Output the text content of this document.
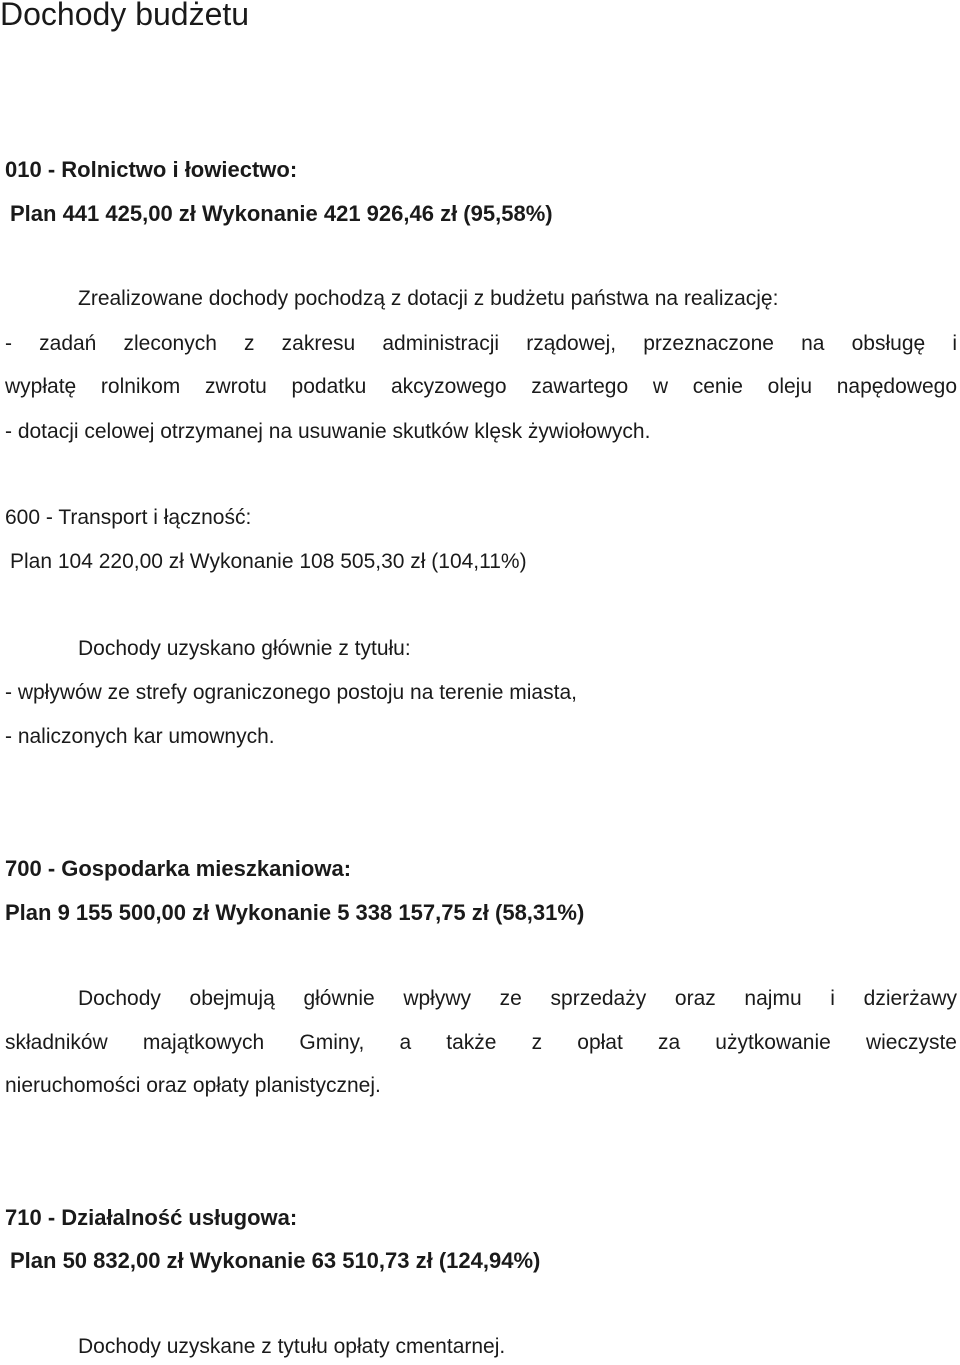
Dochody budżetu
010 - Rolnictwo i łowiectwo:
Plan 441 425,00 zł Wykonanie 421 926,46 zł (95,58%)
Zrealizowane dochody pochodzą z dotacji z budżetu państwa na realizację:
- zadań zleconych z zakresu administracji rządowej, przeznaczone na obsługę i
wypłatę rolnikom zwrotu podatku akcyzowego zawartego w cenie oleju napędowego
- dotacji celowej otrzymanej na usuwanie skutków klęsk żywiołowych.
600 - Transport i łączność:
Plan 104 220,00 zł Wykonanie 108 505,30 zł (104,11%)
Dochody uzyskano głównie z tytułu:
- wpływów ze strefy ograniczonego postoju na terenie miasta,
- naliczonych kar umownych.
700 - Gospodarka mieszkaniowa:
Plan 9 155 500,00 zł Wykonanie 5 338 157,75 zł (58,31%)
Dochody obejmują głównie wpływy ze sprzedaży oraz najmu i dzierżawy
składników majątkowych Gminy, a także z opłat za użytkowanie wieczyste
nieruchomości oraz opłaty planistycznej.
710 - Działalność usługowa:
Plan 50 832,00 zł Wykonanie 63 510,73 zł (124,94%)
Dochody uzyskane z tytułu opłaty cmentarnej.
